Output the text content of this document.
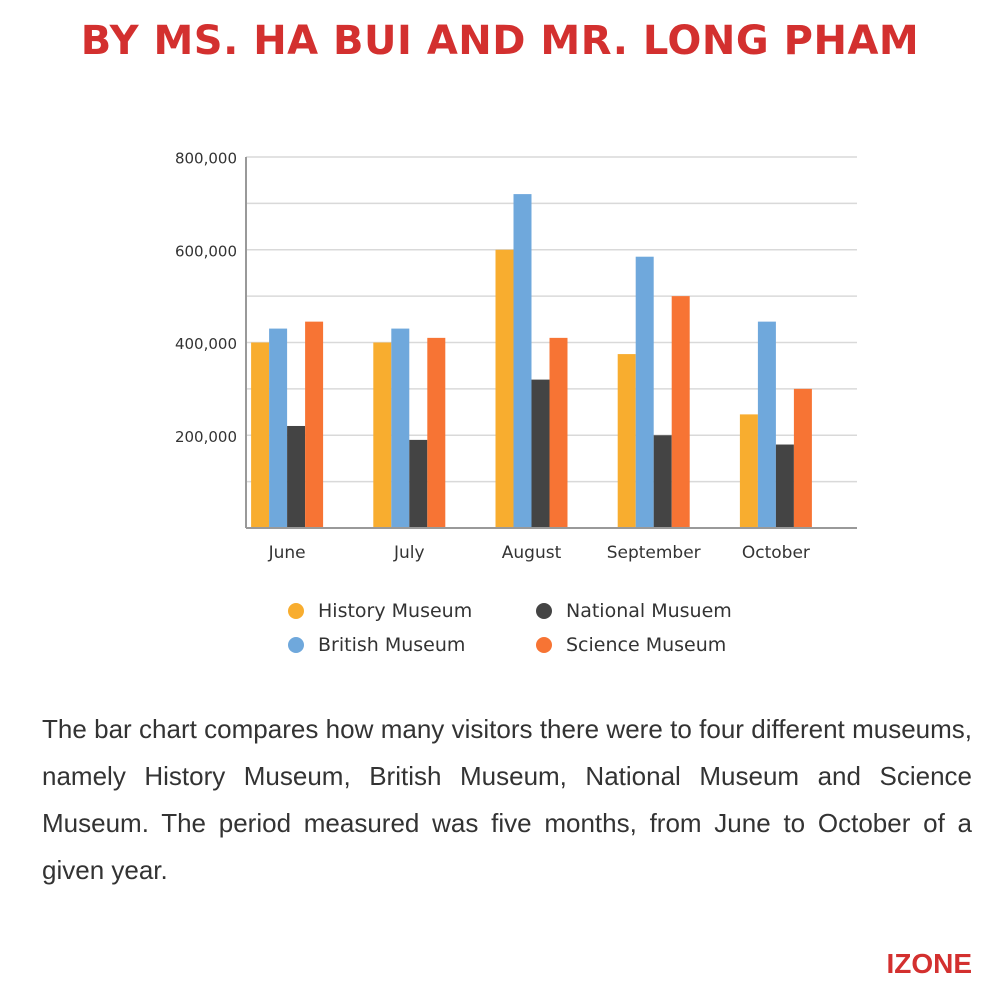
BY MS. HA BUI AND MR. LONG PHAM
200,000
400,000
600,000
800,000
June	July	August	September October
History Museum	National Musuem
British Museum	Science Museum

The bar chart compares how many visitors there were to four different museums, namely History Museum, British Museum, National Museum and Science Museum. The period measured was five months, from June to October of a given year.

IZONE
